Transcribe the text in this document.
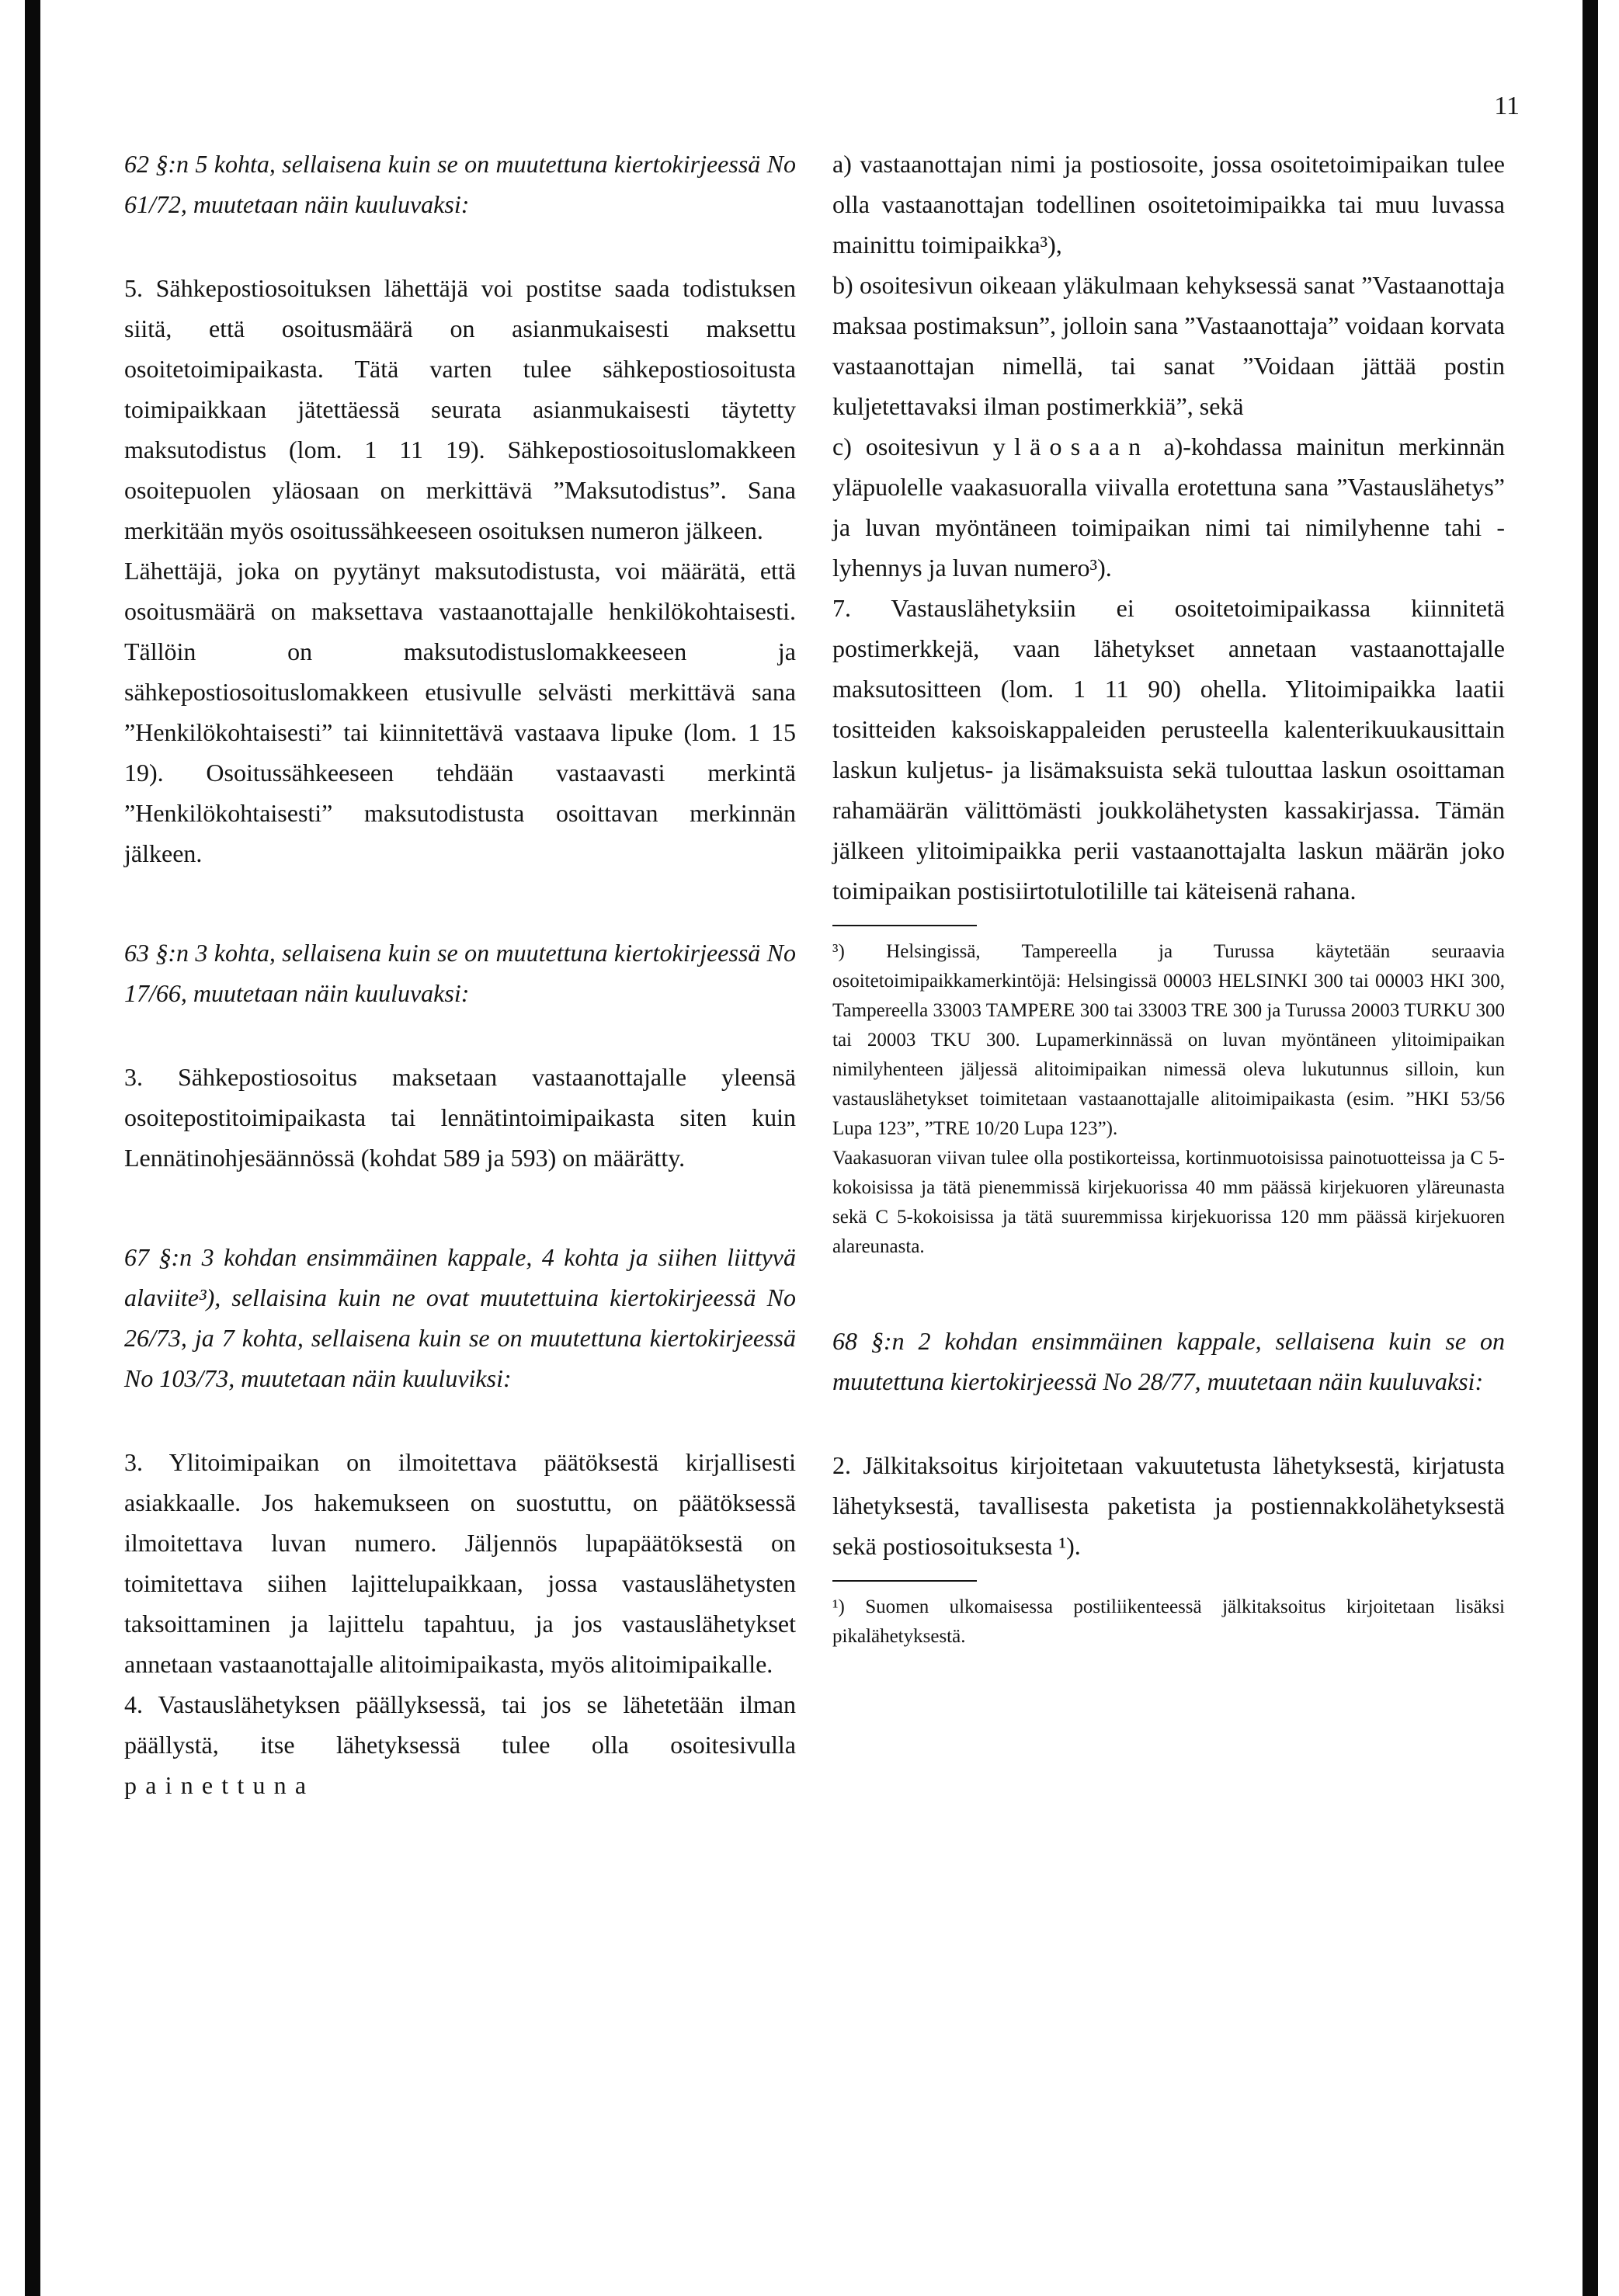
11

62 §:n 5 kohta, sellaisena kuin se on muutettuna kiertokirjeessä No 61/72, muutetaan näin kuuluvaksi:

5. Sähkepostiosoituksen lähettäjä voi postitse saada todistuksen siitä, että osoitusmäärä on asianmukaisesti maksettu osoitetoimipaikasta. Tätä varten tulee sähkepostiosoitusta toimipaikkaan jätettäessä seurata asianmukaisesti täytetty maksutodistus (lom. 1 11 19). Sähkepostiosoituslomakkeen osoitepuolen yläosaan on merkittävä ”Maksutodistus”. Sana merkitään myös osoitussähkeeseen osoituksen numeron jälkeen.

Lähettäjä, joka on pyytänyt maksutodistusta, voi määrätä, että osoitusmäärä on maksettava vastaanottajalle henkilökohtaisesti. Tällöin on maksutodistuslomakkeeseen ja sähkepostiosoituslomakkeen etusivulle selvästi merkittävä sana ”Henkilökohtaisesti” tai kiinnitettävä vastaava lipuke (lom. 1 15 19). Osoitussähkeeseen tehdään vastaavasti merkintä ”Henkilökohtaisesti” maksutodistusta osoittavan merkinnän jälkeen.

63 §:n 3 kohta, sellaisena kuin se on muutettuna kiertokirjeessä No 17/66, muutetaan näin kuuluvaksi:

3. Sähkepostiosoitus maksetaan vastaanottajalle yleensä osoitepostitoimipaikasta tai lennätintoimipaikasta siten kuin Lennätinohjesäännössä (kohdat 589 ja 593) on määrätty.

67 §:n 3 kohdan ensimmäinen kappale, 4 kohta ja siihen liittyvä alaviite³), sellaisina kuin ne ovat muutettuina kiertokirjeessä No 26/73, ja 7 kohta, sellaisena kuin se on muutettuna kiertokirjeessä No 103/73, muutetaan näin kuuluviksi:

3. Ylitoimipaikan on ilmoitettava päätöksestä kirjallisesti asiakkaalle. Jos hakemukseen on suostuttu, on päätöksessä ilmoitettava luvan numero. Jäljennös lupapäätöksestä on toimitettava siihen lajittelupaikkaan, jossa vastauslähetysten taksoittaminen ja lajittelu tapahtuu, ja jos vastauslähetykset annetaan vastaanottajalle alitoimipaikasta, myös alitoimipaikalle.

4. Vastauslähetyksen päällyksessä, tai jos se lähetetään ilman päällystä, itse lähetyksessä tulee olla osoitesivulla painettuna

a) vastaanottajan nimi ja postiosoite, jossa osoitetoimipaikan tulee olla vastaanottajan todellinen osoitetoimipaikka tai muu luvassa mainittu toimipaikka³),

b) osoitesivun oikeaan yläkulmaan kehyksessä sanat ”Vastaanottaja maksaa postimaksun”, jolloin sana ”Vastaanottaja” voidaan korvata vastaanottajan nimellä, tai sanat ”Voidaan jättää postin kuljetettavaksi ilman postimerkkiä”, sekä

c) osoitesivun yläosaan a)-kohdassa mainitun merkinnän yläpuolelle vaakasuoralla viivalla erotettuna sana ”Vastauslähetys” ja luvan myöntäneen toimipaikan nimi tai nimilyhenne tahi -lyhennys ja luvan numero³).

7. Vastauslähetyksiin ei osoitetoimipaikassa kiinnitetä postimerkkejä, vaan lähetykset annetaan vastaanottajalle maksutositteen (lom. 1 11 90) ohella. Ylitoimipaikka laatii tositteiden kaksoiskappaleiden perusteella kalenterikuukausittain laskun kuljetus- ja lisämaksuista sekä tulouttaa laskun osoittaman rahamäärän välittömästi joukkolähetysten kassakirjassa. Tämän jälkeen ylitoimipaikka perii vastaanottajalta laskun määrän joko toimipaikan postisiirtotulotilille tai käteisenä rahana.

³) Helsingissä, Tampereella ja Turussa käytetään seuraavia osoitetoimipaikkamerkintöjä: Helsingissä 00003 HELSINKI 300 tai 00003 HKI 300, Tampereella 33003 TAMPERE 300 tai 33003 TRE 300 ja Turussa 20003 TURKU 300 tai 20003 TKU 300. Lupamerkinnässä on luvan myöntäneen ylitoimipaikan nimilyhenteen jäljessä alitoimipaikan nimessä oleva lukutunnus silloin, kun vastauslähetykset toimitetaan vastaanottajalle alitoimipaikasta (esim. ”HKI 53/56 Lupa 123”, ”TRE 10/20 Lupa 123”).

Vaakasuoran viivan tulee olla postikorteissa, kortinmuotoisissa painotuotteissa ja C 5-kokoisissa ja tätä pienemmissä kirjekuorissa 40 mm päässä kirjekuoren yläreunasta sekä C 5-kokoisissa ja tätä suuremmissa kirjekuorissa 120 mm päässä kirjekuoren alareunasta.

68 §:n 2 kohdan ensimmäinen kappale, sellaisena kuin se on muutettuna kiertokirjeessä No 28/77, muutetaan näin kuuluvaksi:

2. Jälkitaksoitus kirjoitetaan vakuutetusta lähetyksestä, kirjatusta lähetyksestä, tavallisesta paketista ja postiennakkolähetyksestä sekä postiosoituksesta ¹).

¹) Suomen ulkomaisessa postiliikenteessä jälkitaksoitus kirjoitetaan lisäksi pikalähetyksestä.
